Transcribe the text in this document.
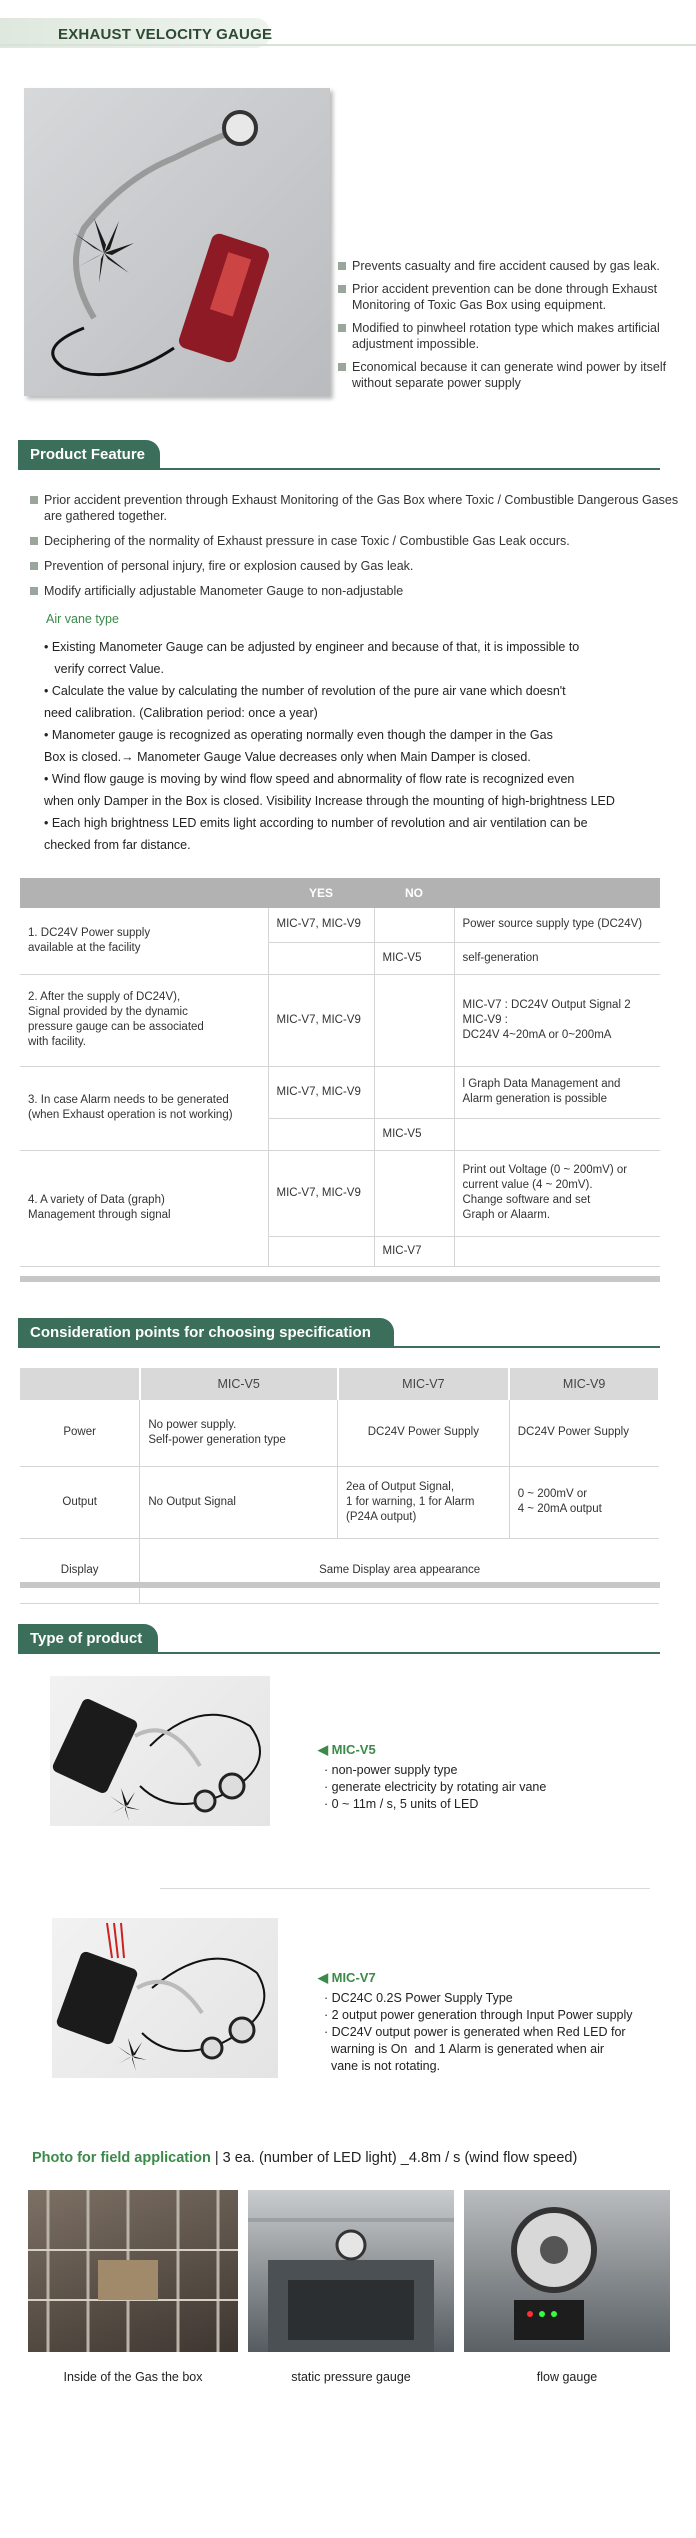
EXHAUST VELOCITY GAUGE
Prevents casualty and fire accident caused by gas leak.
Prior accident prevention can be done through Exhaust Monitoring of Toxic Gas Box using equipment.
Modified to pinwheel rotation type which makes artificial adjustment impossible.
Economical because it can generate wind power by itself without separate power supply
Product Feature
Prior accident prevention through Exhaust Monitoring of the Gas Box where Toxic / Combustible Dangerous Gases are gathered together.
Deciphering of the normality of Exhaust pressure in case Toxic / Combustible Gas Leak occurs.
Prevention of personal injury, fire or explosion caused by Gas leak.
Modify artificially adjustable Manometer Gauge to non-adjustable
Air vane type
• Existing Manometer Gauge can be adjusted by engineer and because of that, it is impossible to
verify correct Value.
• Calculate the value by calculating the number of revolution of the pure air vane which doesn't
need calibration. (Calibration period: once a year)
• Manometer gauge is recognized as operating normally even though the damper in the Gas
Box is closed.→ Manometer Gauge Value decreases only when Main Damper is closed.
• Wind flow gauge is moving by wind flow speed and abnormality of flow rate is recognized even
when only Damper in the Box is closed. Visibility Increase through the mounting of high-brightness LED
• Each high brightness LED emits light according to number of revolution and air ventilation can be
checked from far distance.
	YES	NO	
1. DC24V Power supply
available at the facility	MIC-V7, MIC-V9		Power source supply type (DC24V)
		MIC-V5	self-generation
2. After the supply of DC24V),
Signal provided by the dynamic
pressure gauge can be associated
with facility.	MIC-V7, MIC-V9		MIC-V7 : DC24V Output Signal 2
MIC-V9 :
DC24V 4~20mA or 0~200mA
3. In case Alarm needs to be generated
(when Exhaust operation is not working)	MIC-V7, MIC-V9		l Graph Data Management and
Alarm generation is possible
		MIC-V5	
4. A variety of Data (graph)
Management through signal	MIC-V7, MIC-V9		Print out Voltage (0 ~ 200mV) or
current value (4 ~ 20mV).
Change software and set
Graph or Alaarm.
		MIC-V7	
Consideration points for choosing specification
	MIC-V5	MIC-V7	MIC-V9
Power	No power supply.
Self-power generation type	DC24V Power Supply	DC24V Power Supply
Output	No Output Signal	2ea of Output Signal,
1 for warning, 1 for Alarm
(P24A output)	0 ~ 200mV or
4 ~ 20mA output
Display	Same Display area appearance		
Type of product
◀ MIC-V5
· non-power supply type
· generate electricity by rotating air vane
· 0 ~ 11m / s, 5 units of LED
◀ MIC-V7
· DC24C 0.2S Power Supply Type
· 2 output power generation through Input Power supply
· DC24V output power is generated when Red LED for
warning is On  and 1 Alarm is generated when air
vane is not rotating.
Photo for field application | 3 ea. (number of LED light) _4.8m / s (wind flow speed)
Inside of the Gas the box	static pressure gauge	flow gauge
